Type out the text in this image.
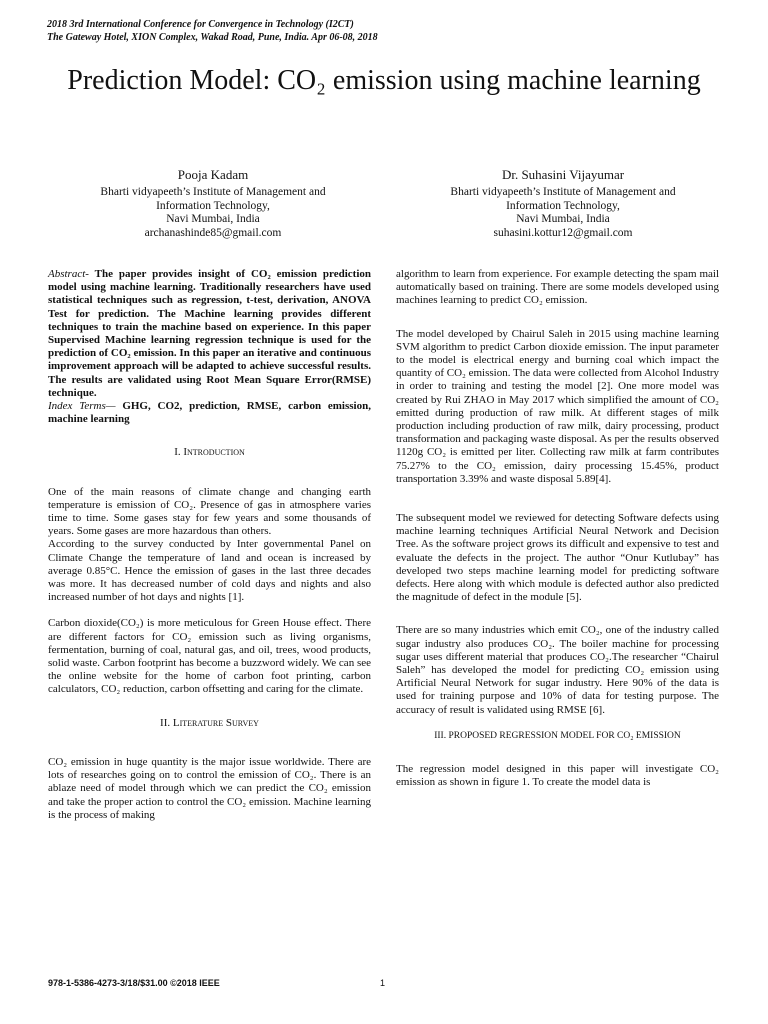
2018 3rd International Conference for Convergence in Technology (I2CT)
The Gateway Hotel, XION Complex, Wakad Road, Pune, India. Apr 06-08, 2018
Prediction Model: CO₂ emission using machine learning
Pooja Kadam
Bharti vidyapeeth’s Institute of Management and
Information Technology,
Navi Mumbai, India
archanashinde85@gmail.com
Dr. Suhasini Vijayumar
Bharti vidyapeeth’s Institute of Management and
Information Technology,
Navi Mumbai, India
suhasini.kottur12@gmail.com

Abstract- The paper provides insight of CO₂ emission prediction model using machine learning. Traditionally researchers have used statistical techniques such as regression, t-test, derivation, ANOVA Test for prediction. The Machine learning provides different techniques to train the machine based on experience. In this paper Supervised Machine learning regression technique is used for the prediction of CO₂ emission. In this paper an iterative and continuous improvement approach will be adapted to achieve successful results. The results are validated using Root Mean Square Error(RMSE) technique.

Index Terms— GHG, CO2, prediction, RMSE, carbon emission, machine learning

I. Introduction

One of the main reasons of climate change and changing earth temperature is emission of CO₂. Presence of gas in atmosphere varies time to time. Some gases stay for few years and some thousands of years. Some gases are more hazardous than others.

According to the survey conducted by Inter governmental Panel on Climate Change the temperature of land and ocean is increased by average 0.85°C. Hence the emission of gases in the last three decades was more. It has decreased number of cold days and nights and also increased number of hot days and nights [1].

Carbon dioxide(CO₂) is more meticulous for Green House effect. There are different factors for CO₂ emission such as living organisms, fermentation, burning of coal, natural gas, and oil, trees, wood products, solid waste. Carbon footprint has become a buzzword widely. We can see the online website for the home of carbon foot printing, carbon calculators, CO₂ reduction, carbon offsetting and caring for the climate.

II. Literature Survey

CO₂ emission in huge quantity is the major issue worldwide. There are lots of researches going on to control the emission of CO₂. There is an ablaze need of model through which we can predict the CO₂ emission and take the proper action to control the CO₂ emission. Machine learning is the process of making

algorithm to learn from experience. For example detecting the spam mail automatically based on training. There are some models developed using machines learning to predict CO₂ emission.

The model developed by Chairul Saleh in 2015 using machine learning SVM algorithm to predict Carbon dioxide emission. The input parameter to the model is electrical energy and burning coal which impact the quantity of CO₂ emission. The data were collected from Alcohol Industry in order to training and testing the model [2]. One more model was created by Rui ZHAO in May 2017 which simplified the amount of CO₂ emitted during production of raw milk. At different stages of milk production including production of raw milk, dairy processing, product transformation and packaging waste disposal. As per the results observed 1120g CO₂ is emitted per liter. Collecting raw milk at farm contributes 75.27% to the CO₂ emission, dairy processing 15.45%, product transportation 3.39% and waste disposal 5.89[4].

The subsequent model we reviewed for detecting Software defects using machine learning techniques Artificial Neural Network and Decision Tree. As the software project grows its difficult and expensive to test and evaluate the defects in the project. The author “Onur Kutlubay” has developed two steps machine learning model for predicting software defects. Here along with which module is defected author also predicted the magnitude of defect in the module [5].

There are so many industries which emit CO₂, one of the industry called sugar industry also produces CO₂. The boiler machine for processing sugar uses different material that produces CO₂.The researcher “Chairul Saleh” has developed the model for predicting CO₂ emission using Artificial Neural Network for sugar industry. Here 90% of the data is used for training purpose and 10% of data for testing purpose. The accuracy of result is validated using RMSE [6].

III. PROPOSED REGRESSION MODEL FOR CO₂ EMISSION

The regression model designed in this paper will investigate CO₂ emission as shown in figure 1. To create the model data is

978-1-5386-4273-3/18/$31.00 ©2018 IEEE	1
